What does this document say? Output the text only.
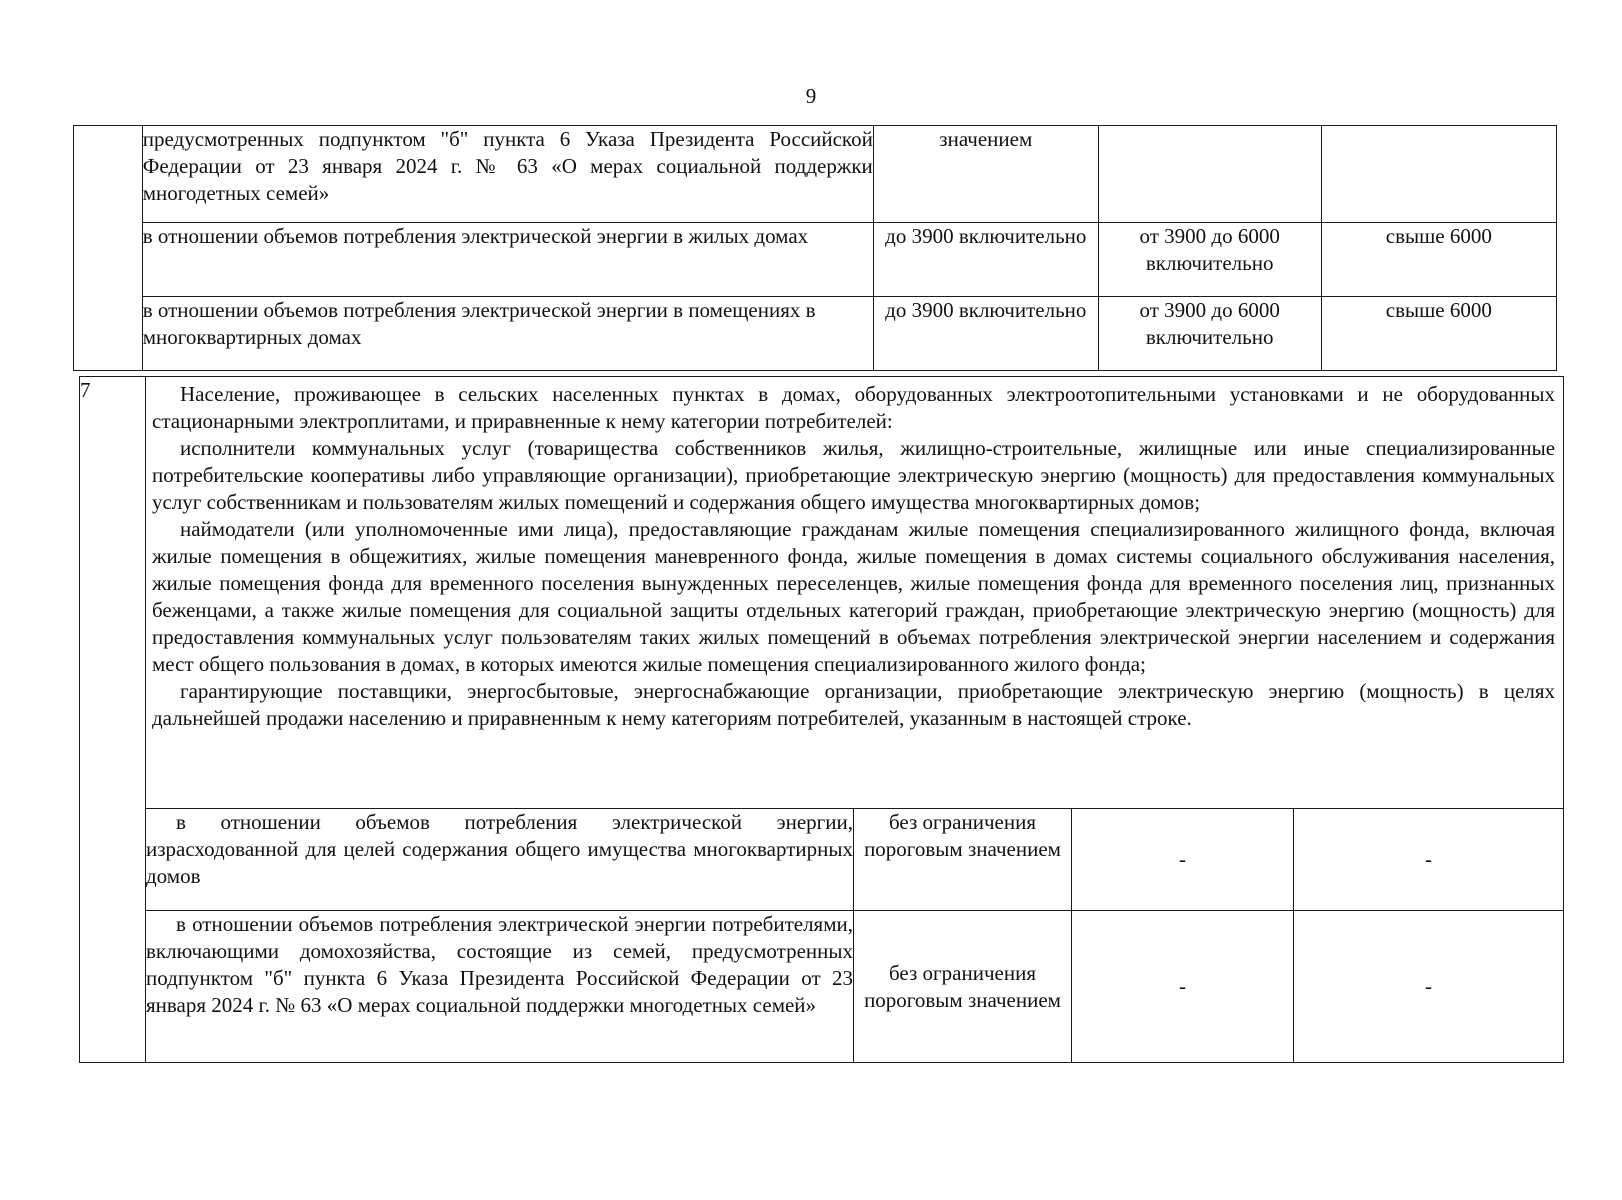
9
	предусмотренных подпунктом "б" пункта 6 Указа Президента Российской Федерации от 23 января 2024 г. № 63 «О мерах социальной поддержки многодетных семей»	значением		
	в отношении объемов потребления электрической энергии в жилых домах	до 3900 включительно	от 3900 до 6000 включительно	свыше 6000
	в отношении объемов потребления электрической энергии в помещениях в многоквартирных домах	до 3900 включительно	от 3900 до 6000 включительно	свыше 6000
7	Население, проживающее в сельских населенных пунктах в домах, оборудованных электроотопительными установками и не оборудованных стационарными электроплитами, и приравненные к нему категории потребителей:

исполнители коммунальных услуг (товарищества собственников жилья, жилищно-строительные, жилищные или иные специализированные потребительские кооперативы либо управляющие организации), приобретающие электрическую энергию (мощность) для предоставления коммунальных услуг собственникам и пользователям жилых помещений и содержания общего имущества многоквартирных домов;

наймодатели (или уполномоченные ими лица), предоставляющие гражданам жилые помещения специализированного жилищного фонда, включая жилые помещения в общежитиях, жилые помещения маневренного фонда, жилые помещения в домах системы социального обслуживания населения, жилые помещения фонда для временного поселения вынужденных переселенцев, жилые помещения фонда для временного поселения лиц, признанных беженцами, а также жилые помещения для социальной защиты отдельных категорий граждан, приобретающие электрическую энергию (мощность) для предоставления коммунальных услуг пользователям таких жилых помещений в объемах потребления электрической энергии населением и содержания мест общего пользования в домах, в которых имеются жилые помещения специализированного жилого фонда;

гарантирующие поставщики, энергосбытовые, энергоснабжающие организации, приобретающие электрическую энергию (мощность) в целях дальнейшей продажи населению и приравненным к нему категориям потребителей, указанным в настоящей строке.			

	в отношении объемов потребления электрической энергии, израсходованной для целей содержания общего имущества многоквартирных домов	без ограничения пороговым значением	-	-

	в отношении объемов потребления электрической энергии потребителями, включающими домохозяйства, состоящие из семей, предусмотренных подпунктом "б" пункта 6 Указа Президента Российской Федерации от 23 января 2024 г. № 63 «О мерах социальной поддержки многодетных семей»	без ограничения пороговым значением	-	-
